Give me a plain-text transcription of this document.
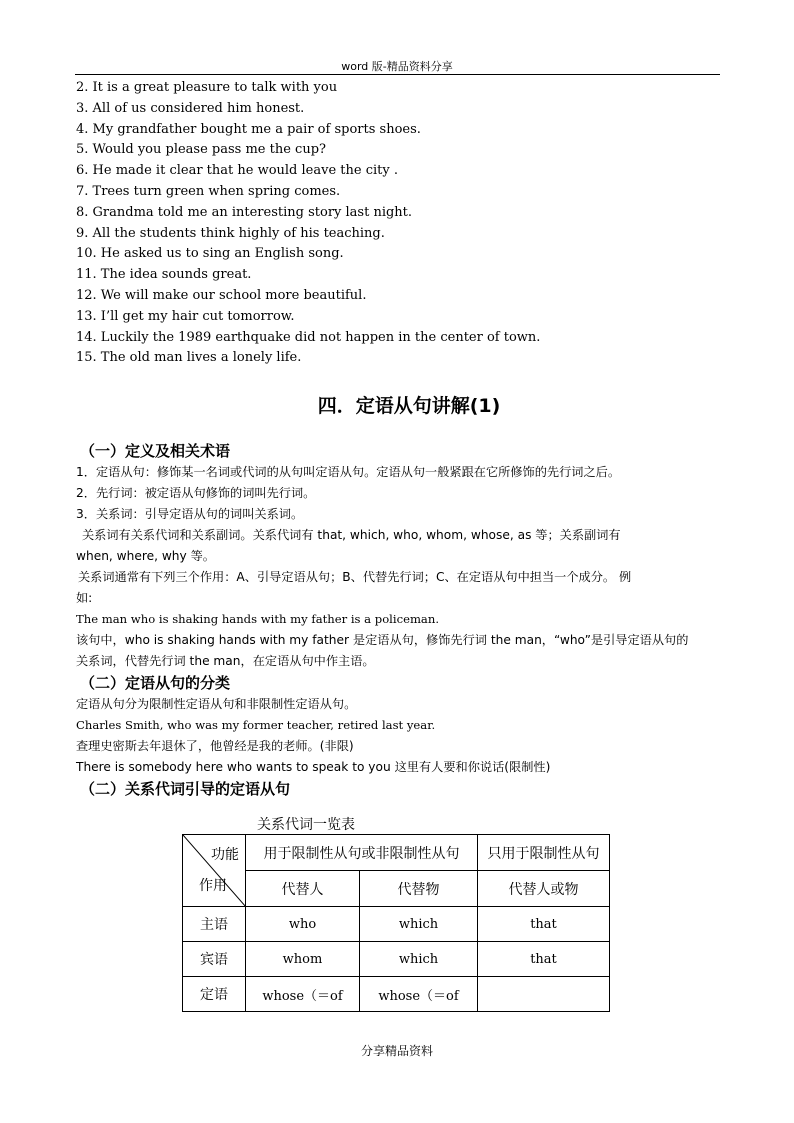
word 版-精品资料分享
2. It is a great pleasure to talk with you
3. All of us considered him honest.
4. My grandfather bought me a pair of sports shoes.
5. Would you please pass me the cup?
6. He made it clear that he would leave the city .
7. Trees turn green when spring comes.
8. Grandma told me an interesting story last night.
9. All the students think highly of his teaching.
10. He asked us to sing an English song.
11. The idea sounds great.
12. We will make our school more beautiful.
13. I’ll get my hair cut tomorrow.
14. Luckily the 1989 earthquake did not happen in the center of town.
15. The old man lives a lonely life.
四．定语从句讲解(1)
（一）定义及相关术语
1．定语从句：修饰某一名词或代词的从句叫定语从句。定语从句一般紧跟在它所修饰的先行词之后。
2．先行词：被定语从句修饰的词叫先行词。
3．关系词：引导定语从句的词叫关系词。
关系词有关系代词和关系副词。关系代词有 that, which, who, whom, whose, as 等；关系副词有
when, where, why 等。
关系词通常有下列三个作用：A、引导定语从句；B、代替先行词；C、在定语从句中担当一个成分。 例
如:
The man who is shaking hands with my father is a policeman.
该句中，who is shaking hands with my father 是定语从句，修饰先行词 the man，“who”是引导定语从句的
关系词，代替先行词 the man，在定语从句中作主语。
（二）定语从句的分类
定语从句分为限制性定语从句和非限制性定语从句。
Charles Smith, who was my former teacher, retired last year.
查理史密斯去年退休了，他曾经是我的老师。(非限)
There is somebody here who wants to speak to you 这里有人要和你说话(限制性)
（二）关系代词引导的定语从句
关系代词一览表
功能
作用	用于限制性从句或非限制性从句		只用于限制性从句
	代替人	代替物	代替人或物
主语	who	which	that
宾语	whom	which	that
定语	whose（＝of	whose（＝of	
分享精品资料
